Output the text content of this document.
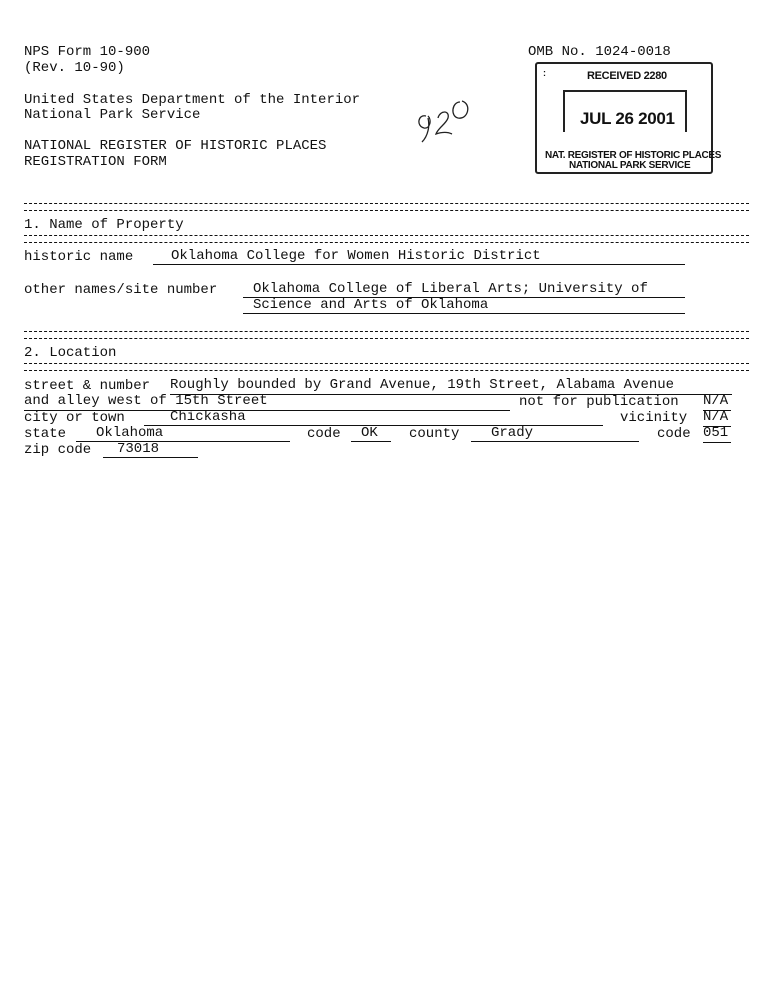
NPS Form 10-900

(Rev. 10-90)

OMB No. 1024-0018

United States Department of the Interior

National Park Service

NATIONAL REGISTER OF HISTORIC PLACES

REGISTRATION FORM

:	RECEIVED 2280
JUL 26 2001
NAT. REGISTER OF HISTORIC PLACES
NATIONAL PARK SERVICE

1. Name of Property

historic name	Oklahoma College for Women Historic District

other names/site number	Oklahoma College of Liberal Arts; University of
Science and Arts of Oklahoma

2. Location

street & number Roughly bounded by Grand Avenue, 19th Street, Alabama Avenue
and alley west of 15th Street	not for publication N/A

city or town	Chickasha	vicinity N/A

state	Oklahoma	code	OK	county	Grady	code 051

zip code	73018
